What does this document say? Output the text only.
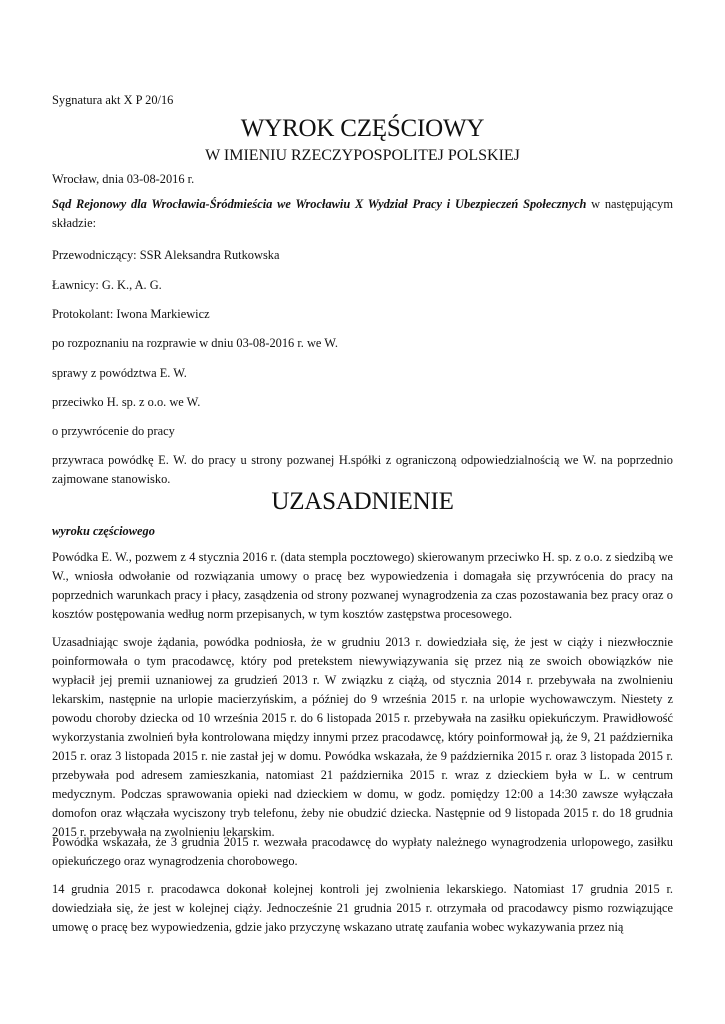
Sygnatura akt X P 20/16

WYROK CZĘŚCIOWY
W IMIENIU RZECZYPOSPOLITEJ POLSKIEJ

Wrocław, dnia 03-08-2016 r.

Sąd Rejonowy dla Wrocławia-Śródmieścia we Wrocławiu X Wydział Pracy i Ubezpieczeń Społecznych w następującym składzie:

Przewodniczący: SSR Aleksandra Rutkowska

Ławnicy: G. K., A. G.

Protokolant: Iwona Markiewicz

po rozpoznaniu na rozprawie w dniu 03-08-2016 r. we W.

sprawy z powództwa E. W.

przeciwko H. sp. z o.o. we W.

o przywrócenie do pracy

przywraca powódkę E. W. do pracy u strony pozwanej H.spółki z ograniczoną odpowiedzialnością we W. na poprzednio zajmowane stanowisko.

UZASADNIENIE

wyroku częściowego

Powódka E. W., pozwem z 4 stycznia 2016 r. (data stempla pocztowego) skierowanym przeciwko H. sp. z o.o. z siedzibą we W., wniosła odwołanie od rozwiązania umowy o pracę bez wypowiedzenia i domagała się przywrócenia do pracy na poprzednich warunkach pracy i płacy, zasądzenia od strony pozwanej wynagrodzenia za czas pozostawania bez pracy oraz o kosztów postępowania według norm przepisanych, w tym kosztów zastępstwa procesowego.

Uzasadniając swoje żądania, powódka podniosła, że w grudniu 2013 r. dowiedziała się, że jest w ciąży i niezwłocznie poinformowała o tym pracodawcę, który pod pretekstem niewywiązywania się przez nią ze swoich obowiązków nie wypłacił jej premii uznaniowej za grudzień 2013 r. W związku z ciążą, od stycznia 2014 r. przebywała na zwolnieniu lekarskim, następnie na urlopie macierzyńskim, a później do 9 września 2015 r. na urlopie wychowawczym. Niestety z powodu choroby dziecka od 10 września 2015 r. do 6 listopada 2015 r. przebywała na zasiłku opiekuńczym. Prawidłowość wykorzystania zwolnień była kontrolowana między innymi przez pracodawcę, który poinformował ją, że 9, 21 października 2015 r. oraz 3 listopada 2015 r. nie zastał jej w domu. Powódka wskazała, że 9 października 2015 r. oraz 3 listopada 2015 r. przebywała pod adresem zamieszkania, natomiast 21 października 2015 r. wraz z dzieckiem była w L. w centrum medycznym. Podczas sprawowania opieki nad dzieckiem w domu, w godz. pomiędzy 12:00 a 14:30 zawsze wyłączała domofon oraz włączała wyciszony tryb telefonu, żeby nie obudzić dziecka. Następnie od 9 listopada 2015 r. do 18 grudnia 2015 r. przebywała na zwolnieniu lekarskim.

Powódka wskazała, że 3 grudnia 2015 r. wezwała pracodawcę do wypłaty należnego wynagrodzenia urlopowego, zasiłku opiekuńczego oraz wynagrodzenia chorobowego.

14 grudnia 2015 r. pracodawca dokonał kolejnej kontroli jej zwolnienia lekarskiego. Natomiast 17 grudnia 2015 r. dowiedziała się, że jest w kolejnej ciąży. Jednocześnie 21 grudnia 2015 r. otrzymała od pracodawcy pismo rozwiązujące umowę o pracę bez wypowiedzenia, gdzie jako przyczynę wskazano utratę zaufania wobec wykazywania przez nią
